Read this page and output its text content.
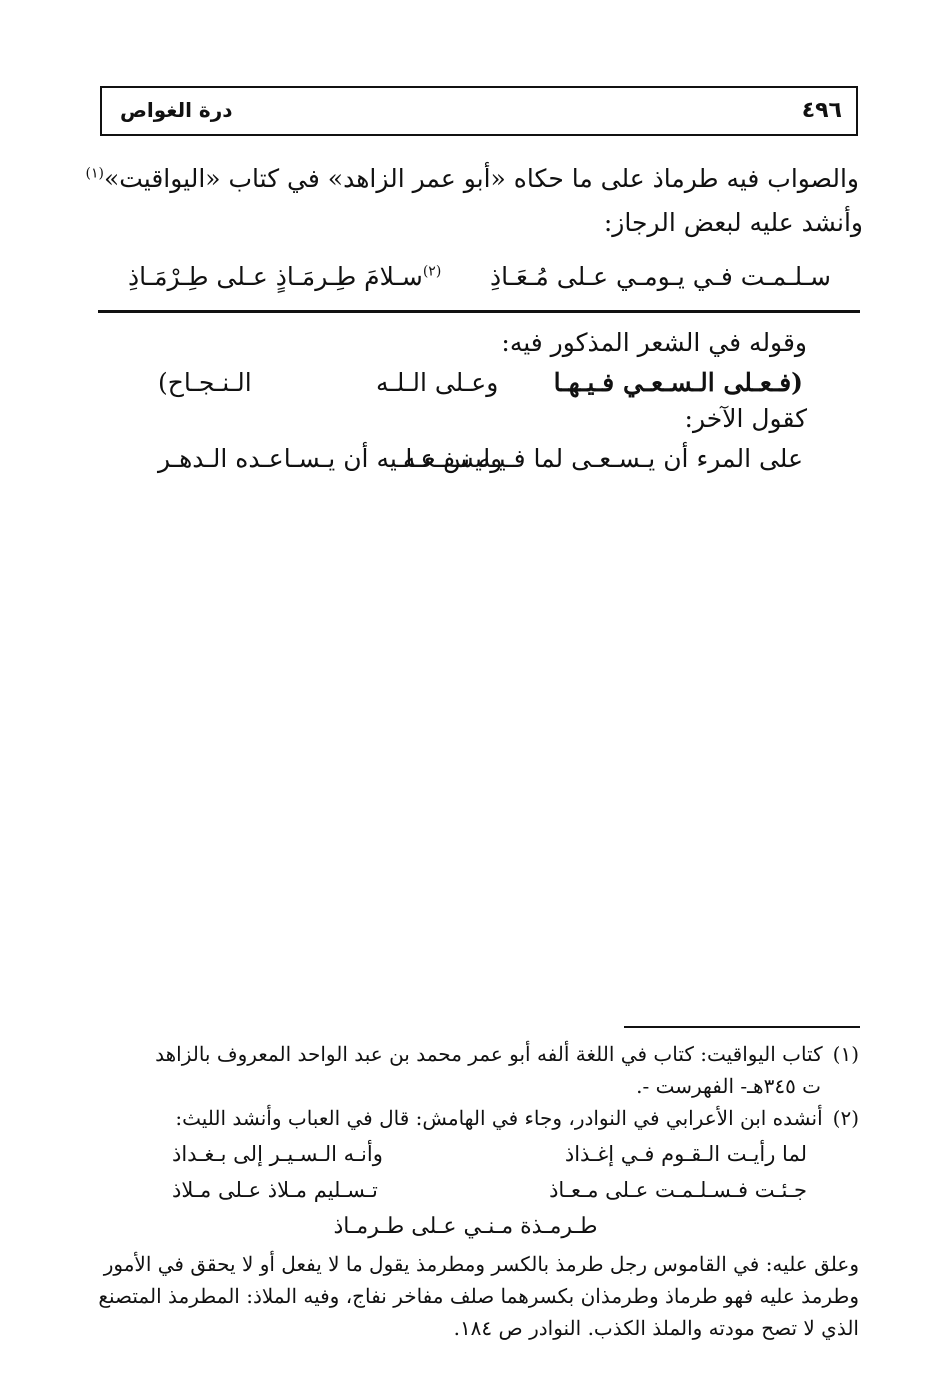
٤٩٦
درة الغواص
والصواب فيه طرماذ على ما حكاه «أبو عمر الزاهد» في كتاب «اليواقيت»$^{(١)}$
وأنشد عليه لبعض الرجاز:
سـلـمـت فـي يـومـي عـلى مُـعَـاذِ
$^{(٢)}$سـلامَ طِـرمَـاذٍ عـلى طِـرْمَـاذِ
وقوله في الشعر المذكور فيه:
(فـعـلى الـسـعـي فـيـهـا
وعـلى الـلـه
الـنـجـاح)
كقول الآخر:
على المرء أن يـسـعـى لما فـيـه نـفـعـه
وليس عـلـيه أن يـسـاعـده الـدهـر
(١)كتاب اليواقيت: كتاب في اللغة ألفه أبو عمر محمد بن عبد الواحد المعروف بالزاهد
ت ٣٤٥هـ- الفهرست -.
(٢)أنشده ابن الأعرابي في النوادر، وجاء في الهامش: قال في العباب وأنشد الليث:
لما رأيـت الـقـوم فـي إغـذاذ
وأنـه الـسـيـر إلى بـغـداذ
جـئـت فـسـلـمـت عـلى مـعـاذ
تـسـليم مـلاذ عـلى مـلاذ
طـرمـذة مـنـي عـلى طـرمـاذ
وعلق عليه: في القاموس رجل طرمذ بالكسر ومطرمذ يقول ما لا يفعل أو لا يحقق في الأمور
وطرمذ عليه فهو طرماذ وطرمذان بكسرهما صلف مفاخر نفاج، وفيه الملاذ: المطرمذ المتصنع
الذي لا تصح مودته والملذ الكذب. النوادر ص ١٨٤.
